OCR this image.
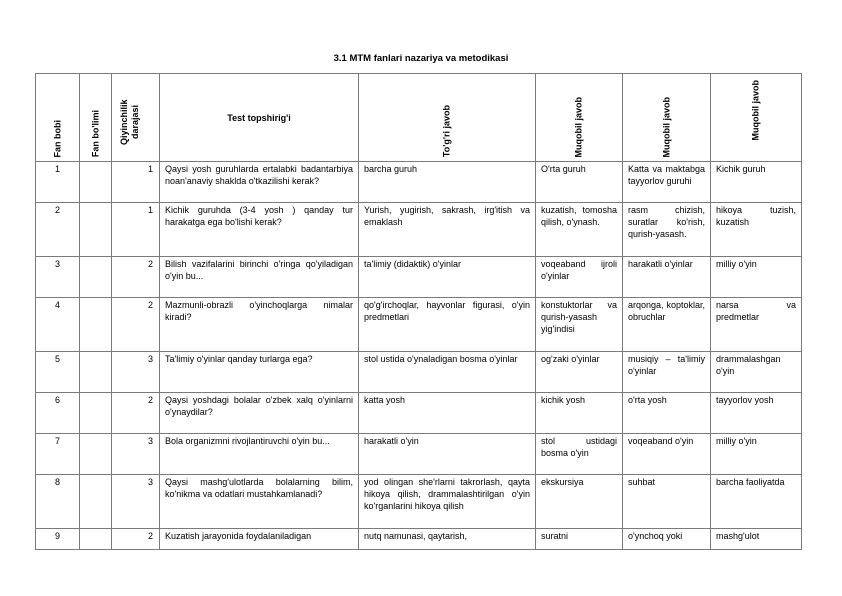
3.1 MTM fanlari nazariya va metodikasi
Fan bobi	Fan bo'limi	Qiyinchilik darajasi	Test topshirig'i	To'g'ri javob	Muqobil javob	Muqobil javob	Muqobil javob

1		1	Qaysi yosh guruhlarda ertalabki badantarbiya noan'anaviy shaklda o'tkazilishi kerak?	barcha guruh	O'rta guruh	Katta va maktabga tayyorlov guruhi	Kichik guruh
2		1	Kichik guruhda (3-4 yosh ) qanday tur harakatga ega bo'lishi kerak?	Yurish, yugirish, sakrash, irg'itish va emaklash	kuzatish, tomosha qilish, o'ynash.	rasm chizish, suratlar ko'rish, qurish-yasash.	hikoya tuzish, kuzatish
3		2	Bilish vazifalarini birinchi o'ringa qo'yiladigan o'yin bu...	ta'limiy (didaktik) o'yinlar	voqeaband ijroli o'yinlar	harakatli o'yinlar	milliy o'yin
4		2	Mazmunli-obrazli o'yinchoqlarga nimalar kiradi?	qo'g'irchoqlar, hayvonlar figurasi, o'yin predmetlari	konstuktorlar va qurish-yasash yig'indisi	arqonga, koptoklar, obruchlar	narsa va predmetlar
5		3	Ta'limiy o'yinlar qanday turlarga ega?	stol ustida o'ynaladigan bosma o'yinlar	og'zaki o'yinlar	musiqiy – ta'limiy o'yinlar	drammalashgan o'yin
6		2	Qaysi yoshdagi bolalar o'zbek xalq o'yinlarni o'ynaydilar?	katta yosh	kichik yosh	o'rta yosh	tayyorlov yosh
7		3	Bola organizmni rivojlantiruvchi o'yin bu...	harakatli o'yin	stol ustidagi bosma o'yin	voqeaband o'yin	milliy o'yin
8		3	Qaysi mashg'ulotlarda bolalarning bilim, ko'nikma va odatlari mustahkamlanadi?	yod olingan she'rlarni takrorlash, qayta hikoya qilish, drammalashtirilgan o'yin ko'rganlarini hikoya qilish	ekskursiya	suhbat	barcha faoliyatda
9		2	Kuzatish jarayonida foydalaniladigan	nutq namunasi, qaytarish,	suratni	o'ynchoq yoki	mashg'ulot
